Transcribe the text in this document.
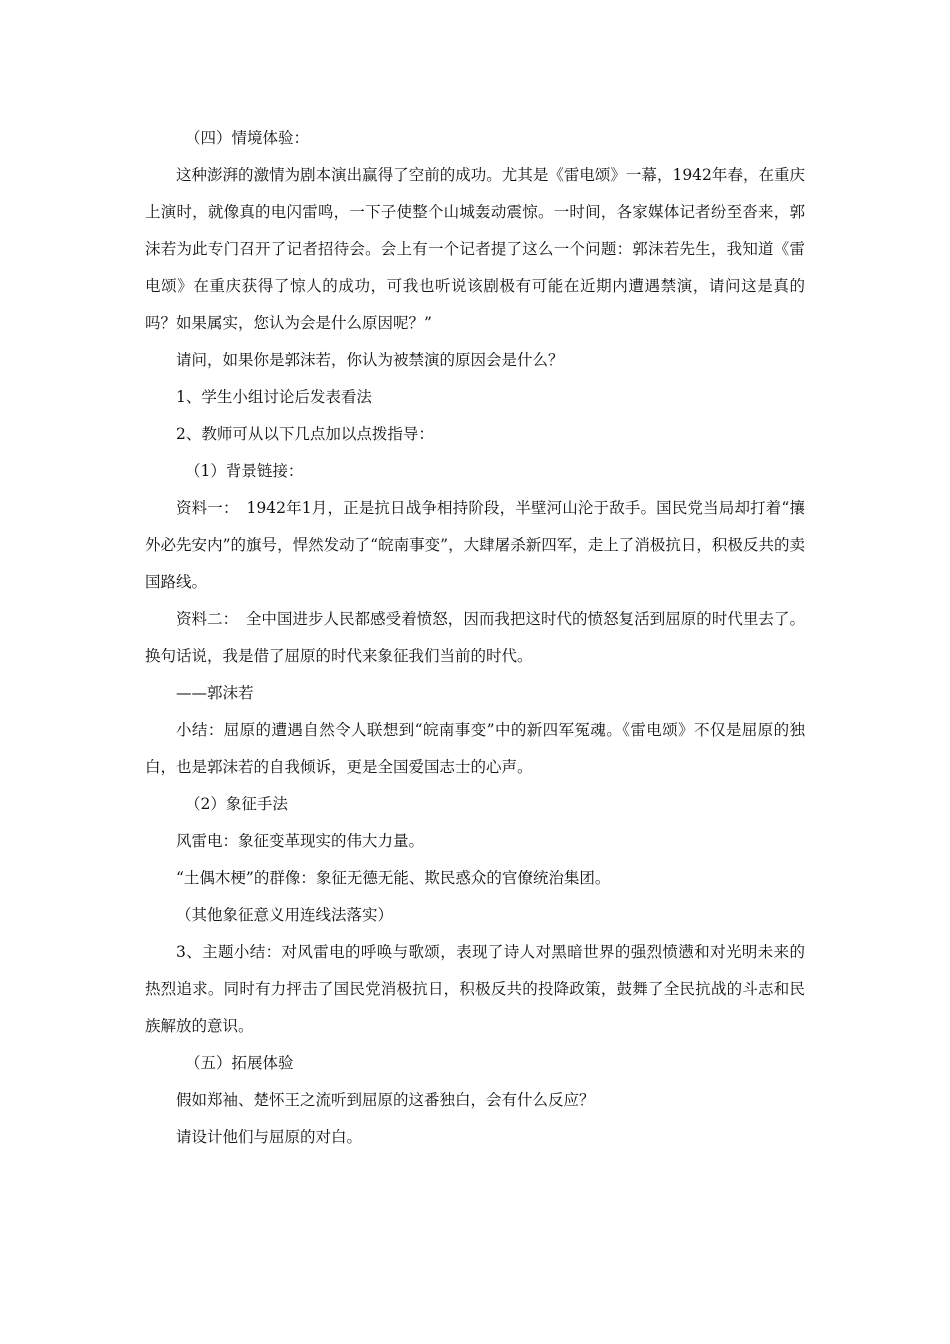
（四）情境体验：

这种澎湃的激情为剧本演出赢得了空前的成功。尤其是《雷电颂》一幕，1942年春，在重庆上演时，就像真的电闪雷鸣，一下子使整个山城轰动震惊。一时间，各家媒体记者纷至沓来，郭沫若为此专门召开了记者招待会。会上有一个记者提了这么一个问题：郭沫若先生，我知道《雷电颂》在重庆获得了惊人的成功，可我也听说该剧极有可能在近期内遭遇禁演，请问这是真的吗？如果属实，您认为会是什么原因呢？”

请问，如果你是郭沫若，你认为被禁演的原因会是什么？

1、学生小组讨论后发表看法

2、教师可从以下几点加以点拨指导：

（1）背景链接：

资料一：　1942年1月，正是抗日战争相持阶段，半壁河山沦于敌手。国民党当局却打着“攘外必先安内”的旗号，悍然发动了“皖南事变”，大肆屠杀新四军，走上了消极抗日，积极反共的卖国路线。

资料二：　全中国进步人民都感受着愤怒，因而我把这时代的愤怒复活到屈原的时代里去了。换句话说，我是借了屈原的时代来象征我们当前的时代。

——郭沫若

小结：屈原的遭遇自然令人联想到“皖南事变”中的新四军冤魂。《雷电颂》不仅是屈原的独白，也是郭沫若的自我倾诉，更是全国爱国志士的心声。

（2）象征手法

风雷电：象征变革现实的伟大力量。

“土偶木梗”的群像：象征无德无能、欺民惑众的官僚统治集团。

（其他象征意义用连线法落实）

3、主题小结：对风雷电的呼唤与歌颂，表现了诗人对黑暗世界的强烈愤懑和对光明未来的热烈追求。同时有力抨击了国民党消极抗日，积极反共的投降政策，鼓舞了全民抗战的斗志和民族解放的意识。

（五）拓展体验

假如郑袖、楚怀王之流听到屈原的这番独白，会有什么反应？

请设计他们与屈原的对白。
